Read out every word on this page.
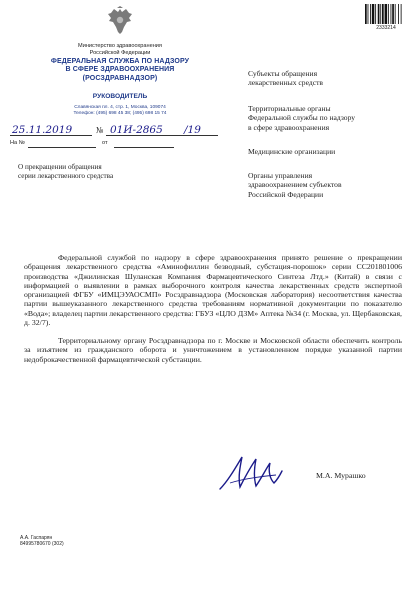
Министерство здравоохранения
Российской Федерации
ФЕДЕРАЛЬНАЯ СЛУЖБА ПО НАДЗОРУ
В СФЕРЕ ЗДРАВООХРАНЕНИЯ
(РОСЗДРАВНАДЗОР)
РУКОВОДИТЕЛЬ
Славянская пл. 4, стр. 1, Москва, 109074
Телефон: (495) 698 45 38; (495) 698 15 74
25.11.2019	№ 01И-2865 /19
На №	от
О прекращении обращения
серии лекарственного средства
2333214
Субъекты обращения
лекарственных средств
Территориальные органы
Федеральной службы по надзору
в сфере здравоохранения
Медицинские организации
Органы управления
здравоохранением субъектов
Российской Федерации

Федеральной службой по надзору в сфере здравоохранения принято решение о прекращении обращения лекарственного средства «Аминофиллин безводный, субстация-порошок» серии СС201801006 производства «Джилинская Шуланская Компания Фармацевтического Синтеза Лтд.» (Китай) в связи с информацией о выявлении в рамках выборочного контроля качества лекарственных средств экспертной организацией ФГБУ «ИМЦЭУАОСМП» Росздравнадзора (Московская лаборатория) несоответствия качества партии вышеуказанного лекарственного средства требованиям нормативной документации по показателю «Вода»; владелец партии лекарственного средства: ГБУЗ «ЦЛО ДЗМ» Аптека №34 (г. Москва, ул. Щербаковская, д. 32/7).

Территориальному органу Росздравнадзора по г. Москве и Московской области обеспечить контроль за изъятием из гражданского оборота и уничтожением в установленном порядке указанной партии недоброкачественной фармацевтической субстанции.

М.А. Мурашко
А.А. Гаспарян
84995780670 (302)
